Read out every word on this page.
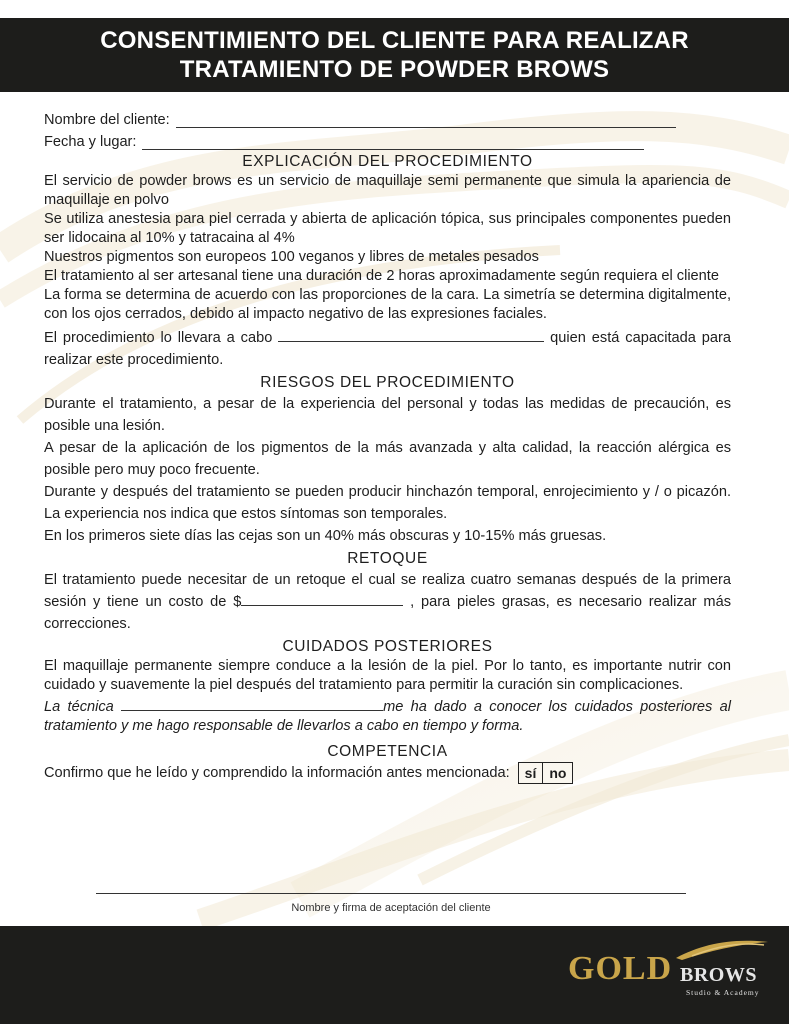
CONSENTIMIENTO DEL CLIENTE PARA REALIZAR
TRATAMIENTO DE POWDER BROWS
Nombre del cliente:
Fecha y lugar:
EXPLICACIÓN DEL PROCEDIMIENTO

El servicio de powder brows es un servicio de maquillaje semi permanente que simula la apariencia de maquillaje en polvo

Se utiliza anestesia para piel cerrada y abierta de aplicación tópica, sus principales componentes pueden ser lidocaina al 10% y tatracaina al 4%

Nuestros pigmentos son europeos 100 veganos y libres de metales pesados

El tratamiento al ser artesanal tiene una duración de 2 horas aproximadamente según requiera el cliente

La forma se determina de acuerdo con las proporciones de la cara. La simetría se determina digitalmente, con los ojos cerrados, debido al impacto negativo de las expresiones faciales.

El procedimiento lo llevara a cabo	quien está capacitada para realizar este procedimiento.

RIESGOS DEL PROCEDIMIENTO

Durante el tratamiento, a pesar de la experiencia del personal y todas las medidas de precaución, es posible una lesión.

A pesar de la aplicación de los pigmentos de la más avanzada y alta calidad, la reacción alérgica es posible pero muy poco frecuente.

Durante y después del tratamiento se pueden producir hinchazón temporal, enrojecimiento y / o picazón. La experiencia nos indica que estos síntomas son temporales.

En los primeros siete días las cejas son un 40% más obscuras y 10-15% más gruesas.

RETOQUE

El tratamiento puede necesitar de un retoque el cual se realiza cuatro semanas después de la primera sesión y tiene un costo de $	, para pieles grasas, es necesario realizar más correcciones.

CUIDADOS POSTERIORES

El maquillaje permanente siempre conduce a la lesión de la piel. Por lo tanto, es importante nutrir con cuidado y suavemente la piel después del tratamiento para permitir la curación sin complicaciones.

La técnica	me ha dado a conocer los cuidados posteriores al tratamiento y me hago responsable de llevarlos a cabo en tiempo y forma.

COMPETENCIA

Confirmo que he leído y comprendido la información antes mencionada:	sí no

Nombre y firma de aceptación del cliente
GOLD BROWS
Studio & Academy
